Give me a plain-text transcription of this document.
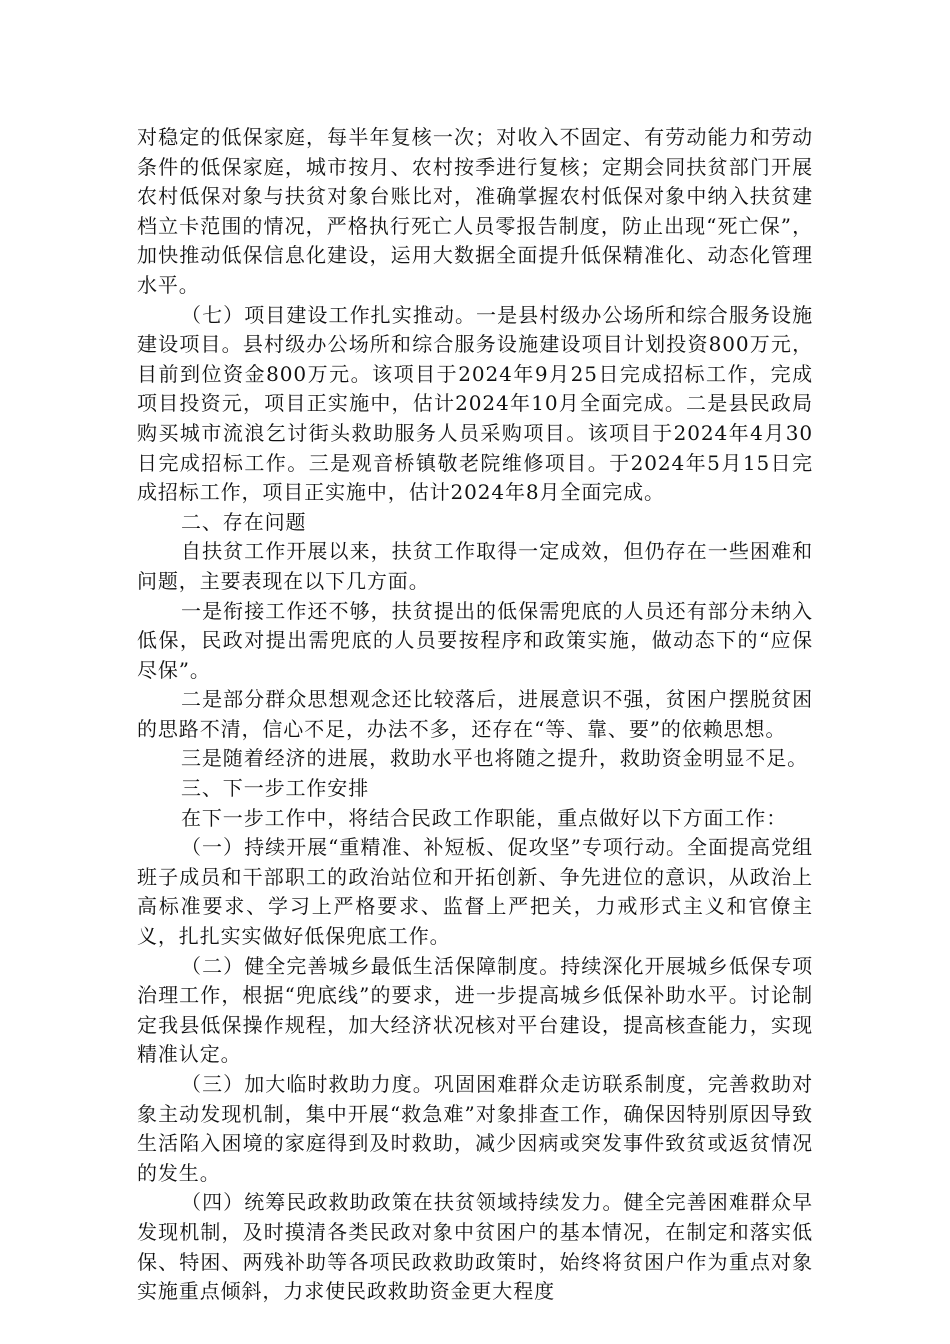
对稳定的低保家庭，每半年复核一次；对收入不固定、有劳动能力和劳动条件的低保家庭，城市按月、农村按季进行复核；定期会同扶贫部门开展农村低保对象与扶贫对象台账比对，准确掌握农村低保对象中纳入扶贫建档立卡范围的情况，严格执行死亡人员零报告制度，防止出现“死亡保”，加快推动低保信息化建设，运用大数据全面提升低保精准化、动态化管理水平。

（七）项目建设工作扎实推动。一是县村级办公场所和综合服务设施建设项目。县村级办公场所和综合服务设施建设项目计划投资800万元，目前到位资金800万元。该项目于2024年9月25日完成招标工作，完成项目投资元，项目正实施中，估计2024年10月全面完成。二是县民政局购买城市流浪乞讨街头救助服务人员采购项目。该项目于2024年4月30日完成招标工作。三是观音桥镇敬老院维修项目。于2024年5月15日完成招标工作，项目正实施中，估计2024年8月全面完成。

二、存在问题

自扶贫工作开展以来，扶贫工作取得一定成效，但仍存在一些困难和问题，主要表现在以下几方面。

一是衔接工作还不够，扶贫提出的低保需兜底的人员还有部分未纳入低保，民政对提出需兜底的人员要按程序和政策实施，做动态下的“应保尽保”。

二是部分群众思想观念还比较落后，进展意识不强，贫困户摆脱贫困的思路不清，信心不足，办法不多，还存在“等、靠、要”的依赖思想。

三是随着经济的进展，救助水平也将随之提升，救助资金明显不足。

三、下一步工作安排

在下一步工作中，将结合民政工作职能，重点做好以下方面工作：

（一）持续开展“重精准、补短板、促攻坚”专项行动。全面提高党组班子成员和干部职工的政治站位和开拓创新、争先进位的意识，从政治上高标准要求、学习上严格要求、监督上严把关，力戒形式主义和官僚主义，扎扎实实做好低保兜底工作。

（二）健全完善城乡最低生活保障制度。持续深化开展城乡低保专项治理工作，根据“兜底线”的要求，进一步提高城乡低保补助水平。讨论制定我县低保操作规程，加大经济状况核对平台建设，提高核查能力，实现精准认定。

（三）加大临时救助力度。巩固困难群众走访联系制度，完善救助对象主动发现机制，集中开展“救急难”对象排查工作，确保因特别原因导致生活陷入困境的家庭得到及时救助，减少因病或突发事件致贫或返贫情况的发生。

（四）统筹民政救助政策在扶贫领域持续发力。健全完善困难群众早发现机制，及时摸清各类民政对象中贫困户的基本情况，在制定和落实低保、特困、两残补助等各项民政救助政策时，始终将贫困户作为重点对象实施重点倾斜，力求使民政救助资金更大程度
